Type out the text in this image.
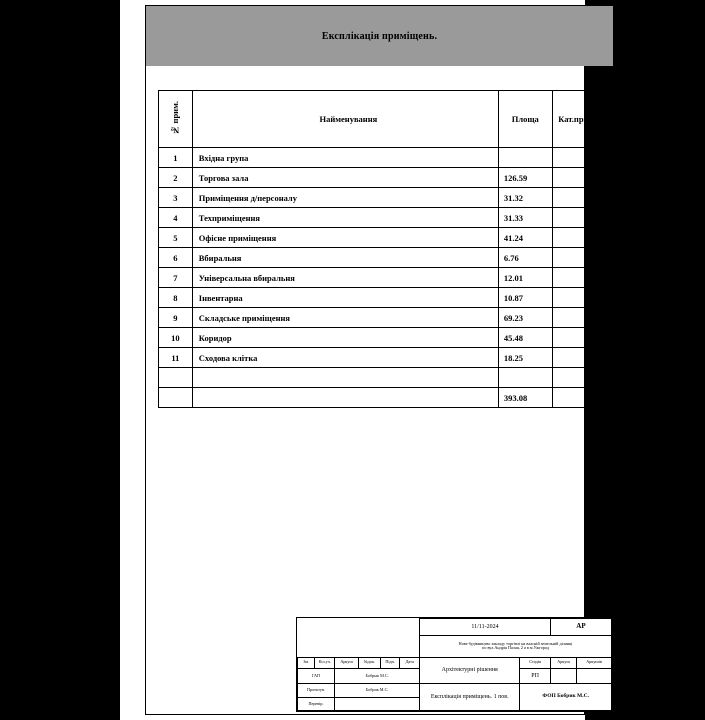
Експлікація приміщень.
№ прим.	Найменування	Площа	Кат.прим.
1	Вхідна група		
2	Торгова зала	126.59	
3	Приміщення д/персоналу	31.32	
4	Техприміщення	31.33	
5	Офісне приміщення	41.24	
6	Вбиральня	6.76	
7	Універсальна вбиральня	12.01	
8	Інвентарна	10.87	
9	Складське приміщення	69.23	
10	Коридор	45.48	
11	Сходова клітка	18.25	

		393.08	
						11/11-2024		АР	

						Нове будівництво закладу торгівлі на власній земельній ділянці
по вул.Андрія Палая, 2 а в м.Ужгород			

Зм.	Кіл.уч.	Аркуш	№док.	Підп.	Дата	Архітектурні рішення	Стадія	Аркуш	Аркушів
ГАП		Бобрык М.С.					РП		
Проектув.		Бобрик М.С.				Експлікація приміщень. 1 пов.	ФОП Бобрик М.С.		
Перевір.									
